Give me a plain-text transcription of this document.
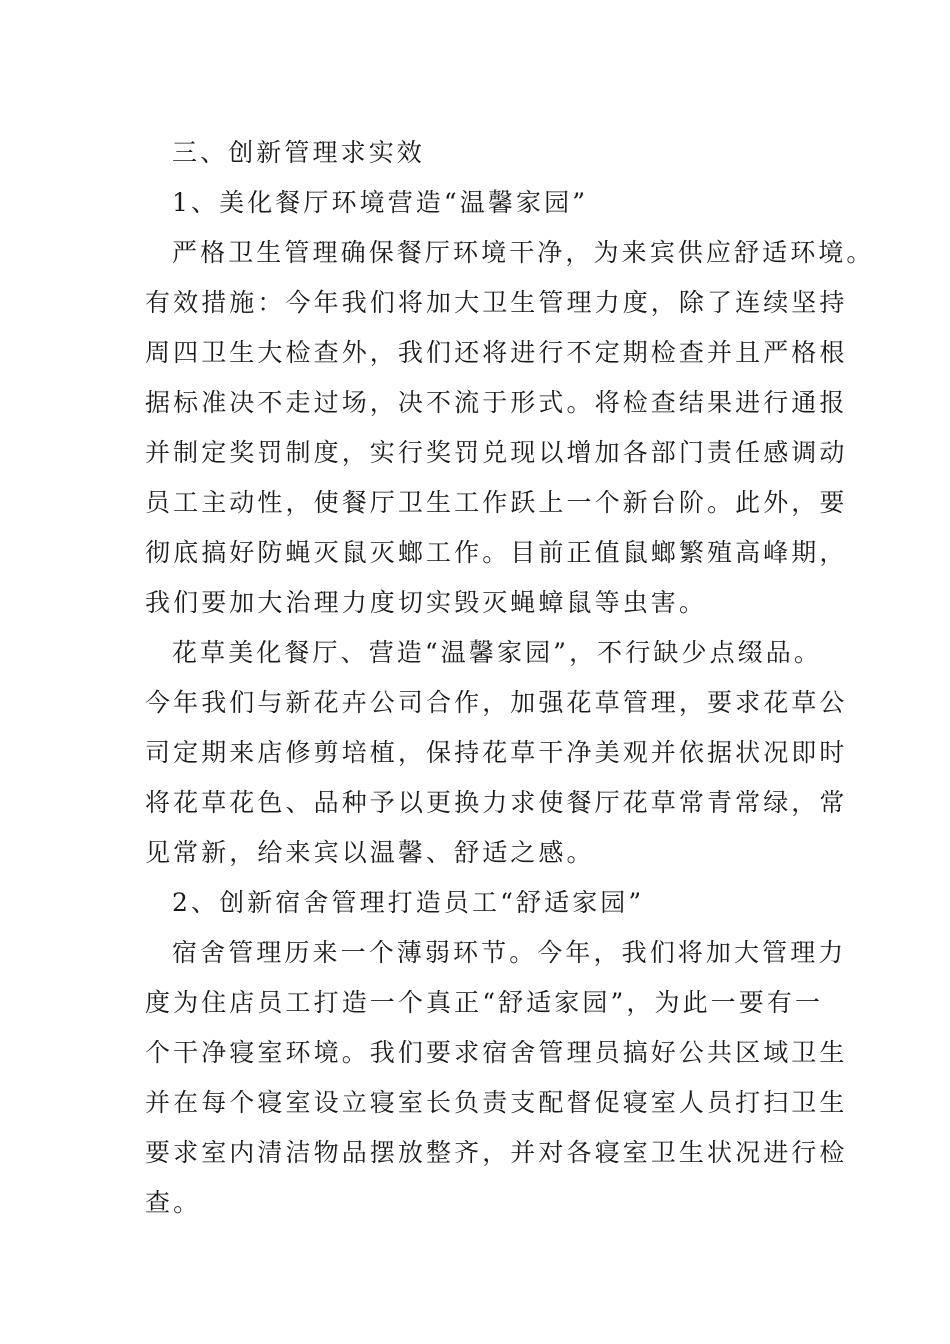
三、创新管理求实效
1、美化餐厅环境营造“温馨家园”
严格卫生管理确保餐厅环境干净，为来宾供应舒适环境。
有效措施：今年我们将加大卫生管理力度，除了连续坚持
周四卫生大检查外，我们还将进行不定期检查并且严格根
据标准决不走过场，决不流于形式。将检查结果进行通报
并制定奖罚制度，实行奖罚兑现以增加各部门责任感调动
员工主动性，使餐厅卫生工作跃上一个新台阶。此外，要
彻底搞好防蝇灭鼠灭螂工作。目前正值鼠螂繁殖高峰期，
我们要加大治理力度切实毁灭蝇蟑鼠等虫害。
花草美化餐厅、营造“温馨家园”，不行缺少点缀品。
今年我们与新花卉公司合作，加强花草管理，要求花草公
司定期来店修剪培植，保持花草干净美观并依据状况即时
将花草花色、品种予以更换力求使餐厅花草常青常绿，常
见常新，给来宾以温馨、舒适之感。
2、创新宿舍管理打造员工“舒适家园”
宿舍管理历来一个薄弱环节。今年，我们将加大管理力
度为住店员工打造一个真正“舒适家园”，为此一要有一
个干净寝室环境。我们要求宿舍管理员搞好公共区域卫生
并在每个寝室设立寝室长负责支配督促寝室人员打扫卫生
要求室内清洁物品摆放整齐，并对各寝室卫生状况进行检
查。
